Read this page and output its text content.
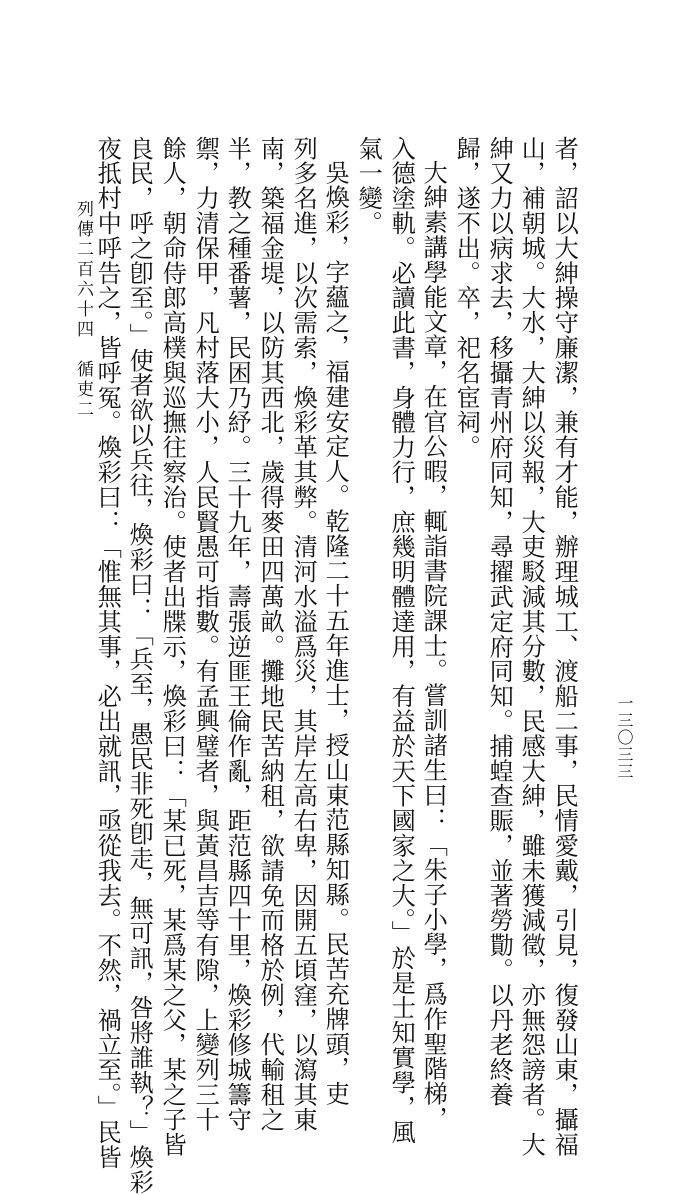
一三〇三三
者，詔以大紳操守廉潔，兼有才能，辦理城工、渡船二事，民情愛戴，引見，復發山東，攝福
山，補朝城。大水，大紳以災報，大吏駁減其分數，民感大紳，雖未獲減徵，亦無怨謗者。大
紳又力以病求去，移攝青州府同知，尋擢武定府同知。捕蝗查賑，並著勞勩。以丹老終養
歸，遂不出。卒，祀名宦祠。
大紳素講學能文章，在官公暇，輒詣書院課士。嘗訓諸生曰：「朱子小學，爲作聖階梯，
入德塗軌。必讀此書，身體力行，庶幾明體達用，有益於天下國家之大。」於是士知實學，風
氣一變。
吳煥彩，字蘊之，福建安定人。乾隆二十五年進士，授山東范縣知縣。民苦充牌頭，吏
列多名進，以次需索，煥彩革其弊。清河水溢爲災，其岸左高右卑，因開五頃窪，以瀉其東
南，築福金堤，以防其西北，歲得麥田四萬畝。攤地民苦納租，欲請免而格於例，代輸租之
半，教之種番薯，民困乃紓。三十九年，壽張逆匪王倫作亂，距范縣四十里，煥彩修城籌守
禦，力清保甲，凡村落大小，人民賢愚可指數。有孟興璧者，與黃昌吉等有隙，上變列三十
餘人，朝命侍郎高樸與巡撫往察治。使者出牒示，煥彩曰：「某已死，某爲某之父，某之子皆
良民，呼之卽至。」使者欲以兵往，煥彩曰：「兵至，愚民非死卽走，無可訊，咎將誰執？」煥彩
夜抵村中呼告之，皆呼冤。煥彩曰：「惟無其事，必出就訊，亟從我去。不然，禍立至。」民皆
列傳二百六十四　循吏二
